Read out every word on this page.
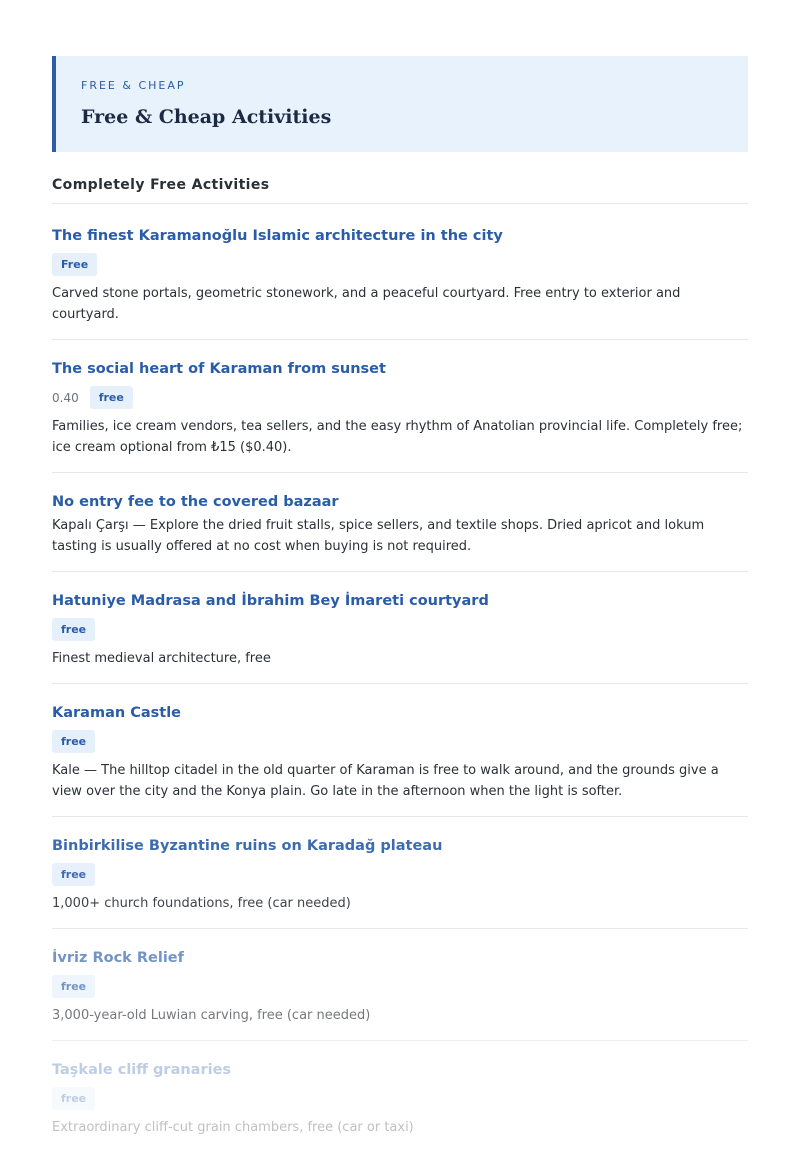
FREE & CHEAP
Free & Cheap Activities
Completely Free Activities
The finest Karamanoğlu Islamic architecture in the city
Free
Carved stone portals, geometric stonework, and a peaceful courtyard. Free entry to exterior and courtyard.
The social heart of Karaman from sunset
0.40	free
Families, ice cream vendors, tea sellers, and the easy rhythm of Anatolian provincial life. Completely free; ice cream optional from ₺15 ($0.40).
No entry fee to the covered bazaar
Kapalı Çarşı — Explore the dried fruit stalls, spice sellers, and textile shops. Dried apricot and lokum tasting is usually offered at no cost when buying is not required.
Hatuniye Madrasa and İbrahim Bey İmareti courtyard
free
Finest medieval architecture, free
Karaman Castle
free
Kale — The hilltop citadel in the old quarter of Karaman is free to walk around, and the grounds give a view over the city and the Konya plain. Go late in the afternoon when the light is softer.
Binbirkilise Byzantine ruins on Karadağ plateau
free
1,000+ church foundations, free (car needed)
İvriz Rock Relief
free
3,000-year-old Luwian carving, free (car needed)
Taşkale cliff granaries
free
Extraordinary cliff-cut grain chambers, free (car or taxi)
